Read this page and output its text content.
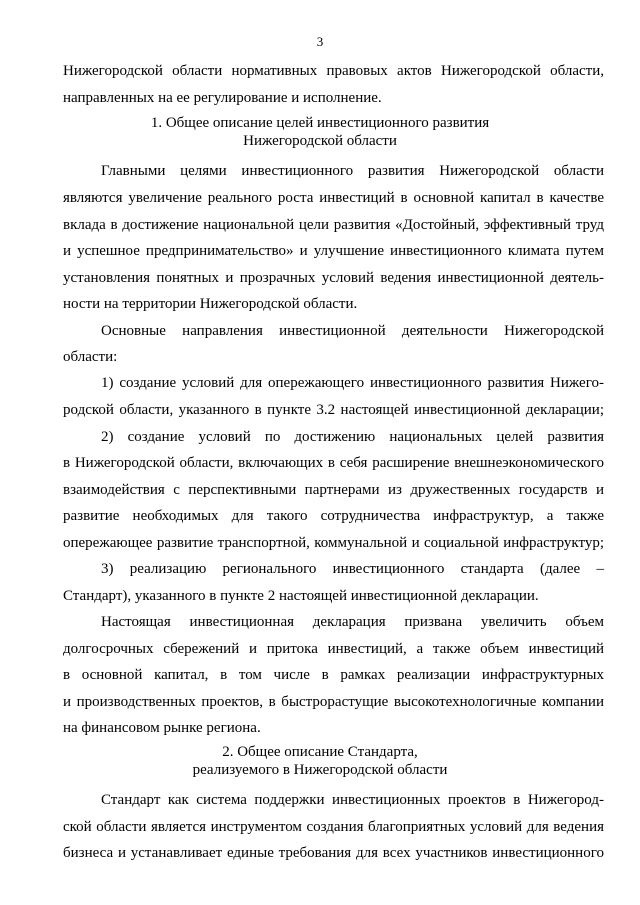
3
Нижегородской области нормативных правовых актов Нижегородской области,
направленных на ее регулирование и исполнение.
1. Общее описание целей инвестиционного развития
Нижегородской области
Главными целями инвестиционного развития Нижегородской области
являются увеличение реального роста инвестиций в основной капитал в качестве
вклада в достижение национальной цели развития «Достойный, эффективный труд
и успешное предпринимательство» и улучшение инвестиционного климата путем
установления понятных и прозрачных условий ведения инвестиционной деятель-
ности на территории Нижегородской области.
Основные направления инвестиционной деятельности Нижегородской
области:
1) создание условий для опережающего инвестиционного развития Нижего-
родской области, указанного в пункте 3.2 настоящей инвестиционной декларации;
2) создание условий по достижению национальных целей развития
в Нижегородской области, включающих в себя расширение внешнеэкономического
взаимодействия с перспективными партнерами из дружественных государств и
развитие необходимых для такого сотрудничества инфраструктур, а также
опережающее развитие транспортной, коммунальной и социальной инфраструктур;
3) реализацию регионального инвестиционного стандарта (далее –
Стандарт), указанного в пункте 2 настоящей инвестиционной декларации.
Настоящая инвестиционная декларация призвана увеличить объем
долгосрочных сбережений и притока инвестиций, а также объем инвестиций
в основной капитал, в том числе в рамках реализации инфраструктурных
и производственных проектов, в быстрорастущие высокотехнологичные компании
на финансовом рынке региона.
2. Общее описание Стандарта,
реализуемого в Нижегородской области
Стандарт как система поддержки инвестиционных проектов в Нижегород-
ской области является инструментом создания благоприятных условий для ведения
бизнеса и устанавливает единые требования для всех участников инвестиционного
